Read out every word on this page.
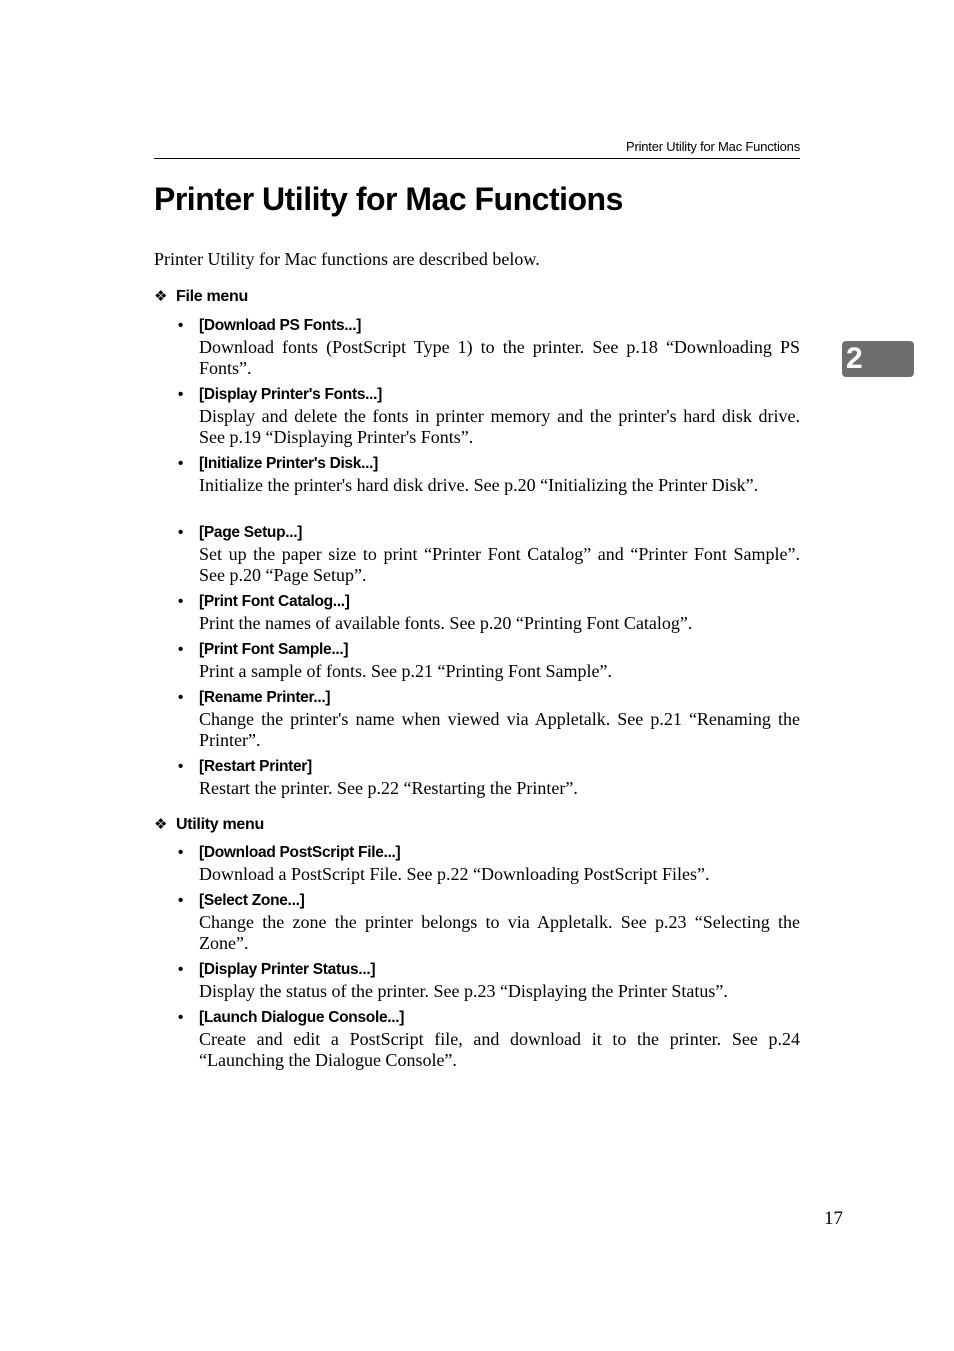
Printer Utility for Mac Functions
Printer Utility for Mac Functions

Printer Utility for Mac functions are described below.

2
❖ File menu
• [Download PS Fonts...]
Download fonts (PostScript Type 1) to the printer. See p.18 “Downloading PS Fonts”.
• [Display Printer's Fonts...]
Display and delete the fonts in printer memory and the printer's hard disk drive. See p.19 “Displaying Printer's Fonts”.
• [Initialize Printer's Disk...]
Initialize the printer's hard disk drive. See p.20 “Initializing the Printer Disk”.
• [Page Setup...]
Set up the paper size to print “Printer Font Catalog” and “Printer Font Sample”. See p.20 “Page Setup”.
• [Print Font Catalog...]
Print the names of available fonts. See p.20 “Printing Font Catalog”.
• [Print Font Sample...]
Print a sample of fonts. See p.21 “Printing Font Sample”.
• [Rename Printer...]
Change the printer's name when viewed via Appletalk. See p.21 “Renaming the Printer”.
• [Restart Printer]
Restart the printer. See p.22 “Restarting the Printer”.
❖ Utility menu
• [Download PostScript File...]
Download a PostScript File. See p.22 “Downloading PostScript Files”.
• [Select Zone...]
Change the zone the printer belongs to via Appletalk. See p.23 “Selecting the Zone”.
• [Display Printer Status...]
Display the status of the printer. See p.23 “Displaying the Printer Status”.
• [Launch Dialogue Console...]
Create and edit a PostScript file, and download it to the printer. See p.24 “Launching the Dialogue Console”.
17
